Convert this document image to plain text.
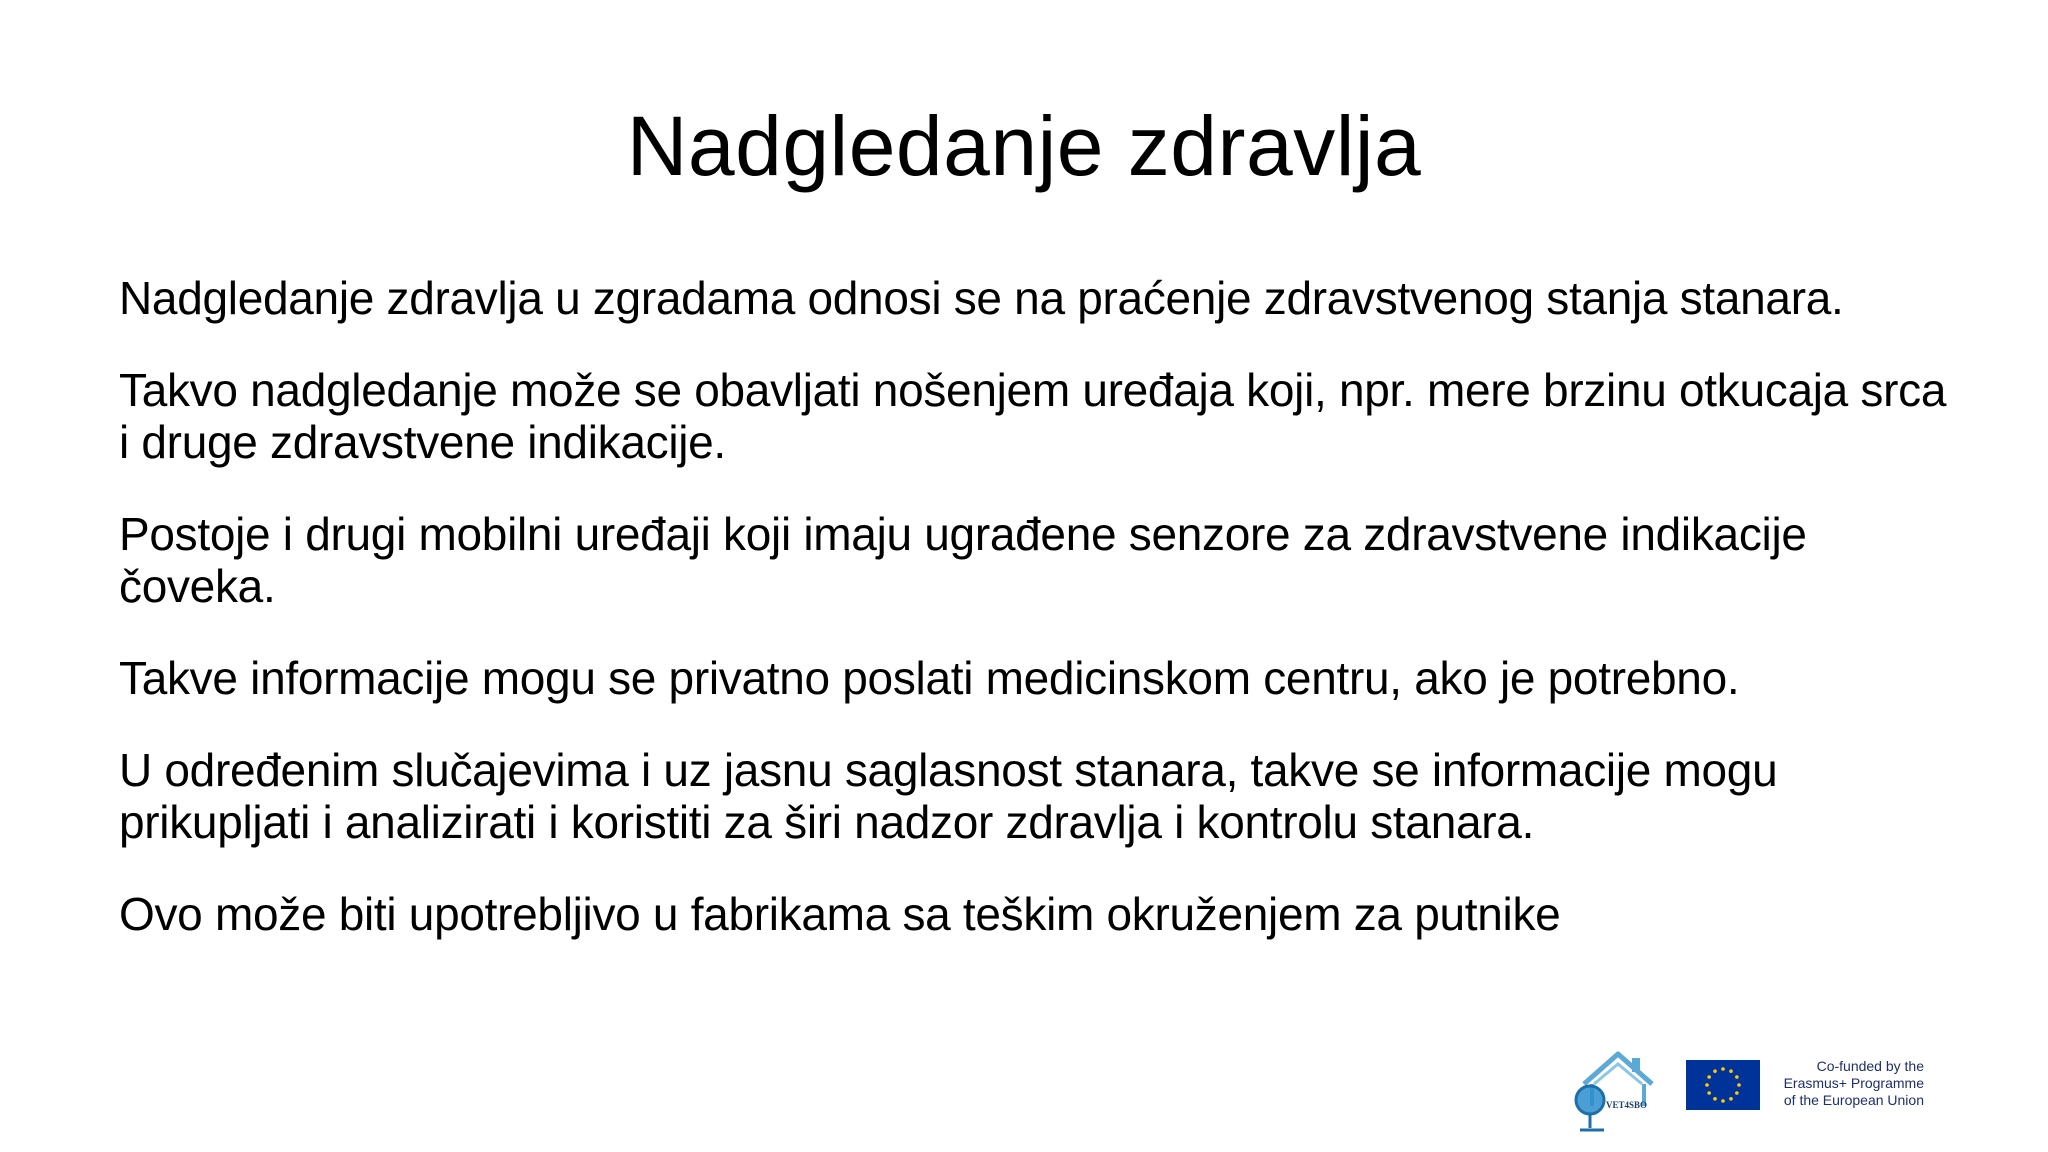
Nadgledanje zdravlja

Nadgledanje zdravlja u zgradama odnosi se na praćenje zdravstvenog stanja stanara.

Takvo nadgledanje može se obavljati nošenjem uređaja koji, npr. mere brzinu otkucaja srca i druge zdravstvene indikacije.

Postoje i drugi mobilni uređaji koji imaju ugrađene senzore za zdravstvene indikacije čoveka.

Takve informacije mogu se privatno poslati medicinskom centru, ako je potrebno.

U određenim slučajevima i uz jasnu saglasnost stanara, takve se informacije mogu prikupljati i analizirati i koristiti za širi nadzor zdravlja i kontrolu stanara.

Ovo može biti upotrebljivo u fabrikama sa teškim okruženjem za putnike

VET4SBO
Co-funded by the
Erasmus+ Programme
of the European Union
